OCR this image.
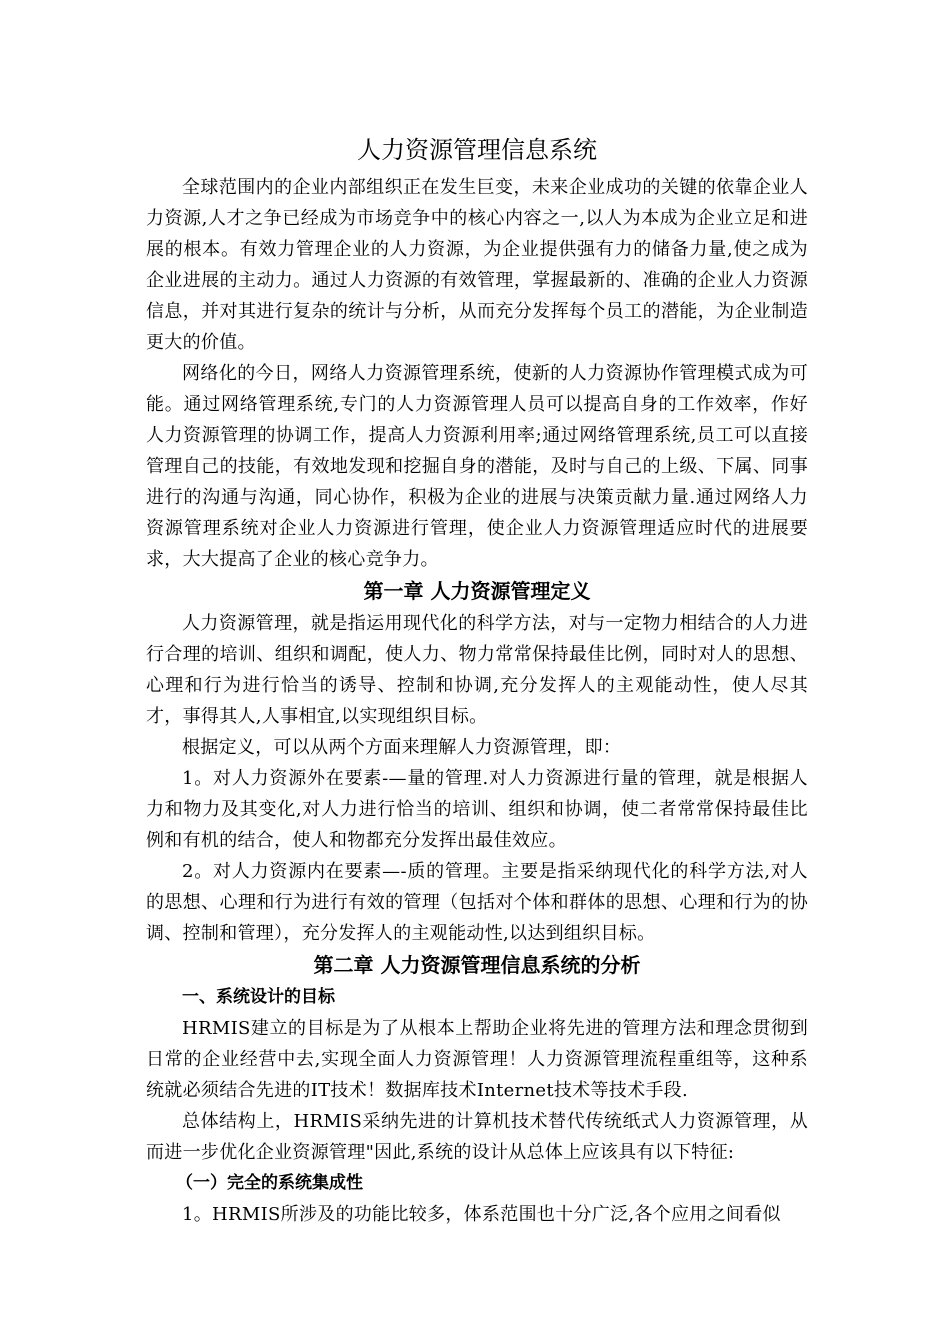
人力资源管理信息系统

全球范围内的企业内部组织正在发生巨变，未来企业成功的关键的依靠企业人力资源,人才之争已经成为市场竞争中的核心内容之一,以人为本成为企业立足和进展的根本。有效力管理企业的人力资源，为企业提供强有力的储备力量,使之成为企业进展的主动力。通过人力资源的有效管理，掌握最新的、准确的企业人力资源信息，并对其进行复杂的统计与分析，从而充分发挥每个员工的潜能，为企业制造更大的价值。

网络化的今日，网络人力资源管理系统，使新的人力资源协作管理模式成为可能。通过网络管理系统,专门的人力资源管理人员可以提高自身的工作效率，作好人力资源管理的协调工作，提高人力资源利用率;通过网络管理系统,员工可以直接管理自己的技能，有效地发现和挖掘自身的潜能，及时与自己的上级、下属、同事进行的沟通与沟通，同心协作，积极为企业的进展与决策贡献力量.通过网络人力资源管理系统对企业人力资源进行管理，使企业人力资源管理适应时代的进展要求，大大提高了企业的核心竞争力。

第一章 人力资源管理定义

人力资源管理，就是指运用现代化的科学方法，对与一定物力相结合的人力进行合理的培训、组织和调配，使人力、物力常常保持最佳比例，同时对人的思想、心理和行为进行恰当的诱导、控制和协调,充分发挥人的主观能动性，使人尽其才，事得其人,人事相宜,以实现组织目标。

根据定义，可以从两个方面来理解人力资源管理，即：

1。对人力资源外在要素-—量的管理.对人力资源进行量的管理，就是根据人力和物力及其变化,对人力进行恰当的培训、组织和协调，使二者常常保持最佳比例和有机的结合，使人和物都充分发挥出最佳效应。

2。对人力资源内在要素—-质的管理。主要是指采纳现代化的科学方法,对人的思想、心理和行为进行有效的管理（包括对个体和群体的思想、心理和行为的协调、控制和管理），充分发挥人的主观能动性,以达到组织目标。

第二章 人力资源管理信息系统的分析
一、系统设计的目标

HRMIS建立的目标是为了从根本上帮助企业将先进的管理方法和理念贯彻到日常的企业经营中去,实现全面人力资源管理！人力资源管理流程重组等，这种系统就必须结合先进的IT技术！数据库技术Internet技术等技术手段.

总体结构上，HRMIS采纳先进的计算机技术替代传统纸式人力资源管理，从而进一步优化企业资源管理"因此,系统的设计从总体上应该具有以下特征:

（一）完全的系统集成性

1。HRMIS所涉及的功能比较多，体系范围也十分广泛,各个应用之间看似
